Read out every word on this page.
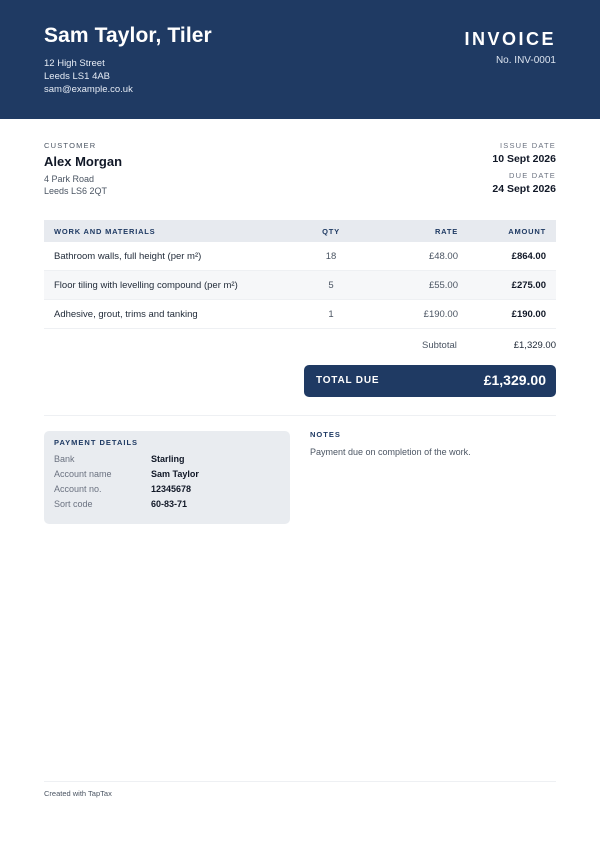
Sam Taylor, Tiler
12 High Street
Leeds LS1 4AB
sam@example.co.uk
INVOICE
No. INV-0001
CUSTOMER
Alex Morgan
4 Park Road
Leeds LS6 2QT
ISSUE DATE
10 Sept 2026
DUE DATE
24 Sept 2026
WORK AND MATERIALS	QTY	RATE	AMOUNT
Bathroom walls, full height (per m²)	18	£48.00	£864.00
Floor tiling with levelling compound (per m²)	5	£55.00	£275.00
Adhesive, grout, trims and tanking	1	£190.00	£190.00
Subtotal	£1,329.00
TOTAL DUE	£1,329.00
PAYMENT DETAILS
Bank	Starling
Account name	Sam Taylor
Account no.	12345678
Sort code	60-83-71
NOTES
Payment due on completion of the work.
Created with TapTax
